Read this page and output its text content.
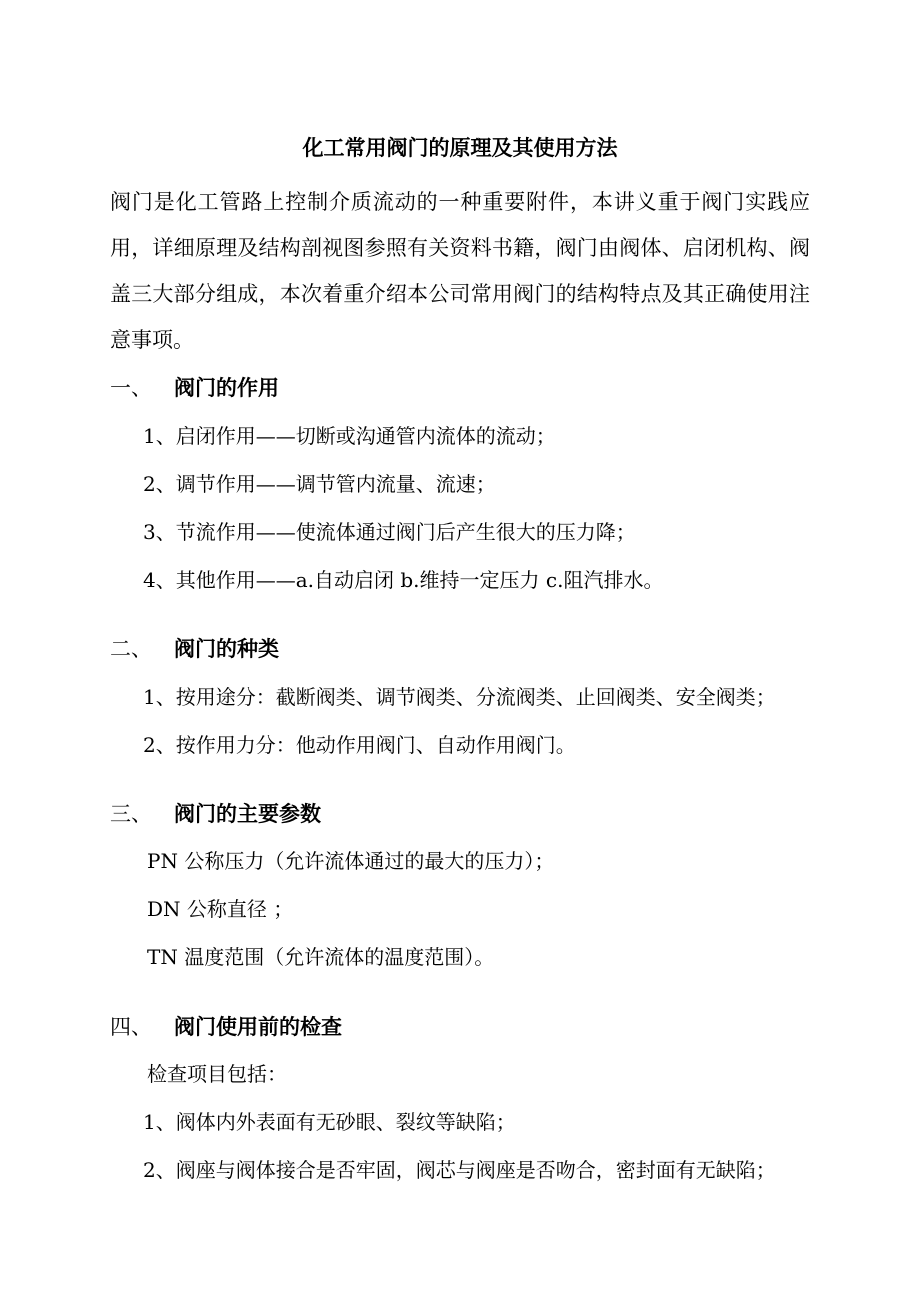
化工常用阀门的原理及其使用方法
阀门是化工管路上控制介质流动的一种重要附件，本讲义重于阀门实践应用，详细原理及结构剖视图参照有关资料书籍，阀门由阀体、启闭机构、阀盖三大部分组成，本次着重介绍本公司常用阀门的结构特点及其正确使用注意事项。
一、 阀门的作用
1、启闭作用——切断或沟通管内流体的流动；
2、调节作用——调节管内流量、流速；
3、节流作用——使流体通过阀门后产生很大的压力降；
4、其他作用——a.自动启闭 b.维持一定压力 c.阻汽排水。
二、 阀门的种类
1、按用途分：截断阀类、调节阀类、分流阀类、止回阀类、安全阀类；
2、按作用力分：他动作用阀门、自动作用阀门。
三、 阀门的主要参数
PN 公称压力（允许流体通过的最大的压力）；
DN 公称直径 ；
TN 温度范围（允许流体的温度范围）。
四、 阀门使用前的检查
检查项目包括：
1、阀体内外表面有无砂眼、裂纹等缺陷；
2、阀座与阀体接合是否牢固，阀芯与阀座是否吻合，密封面有无缺陷；
